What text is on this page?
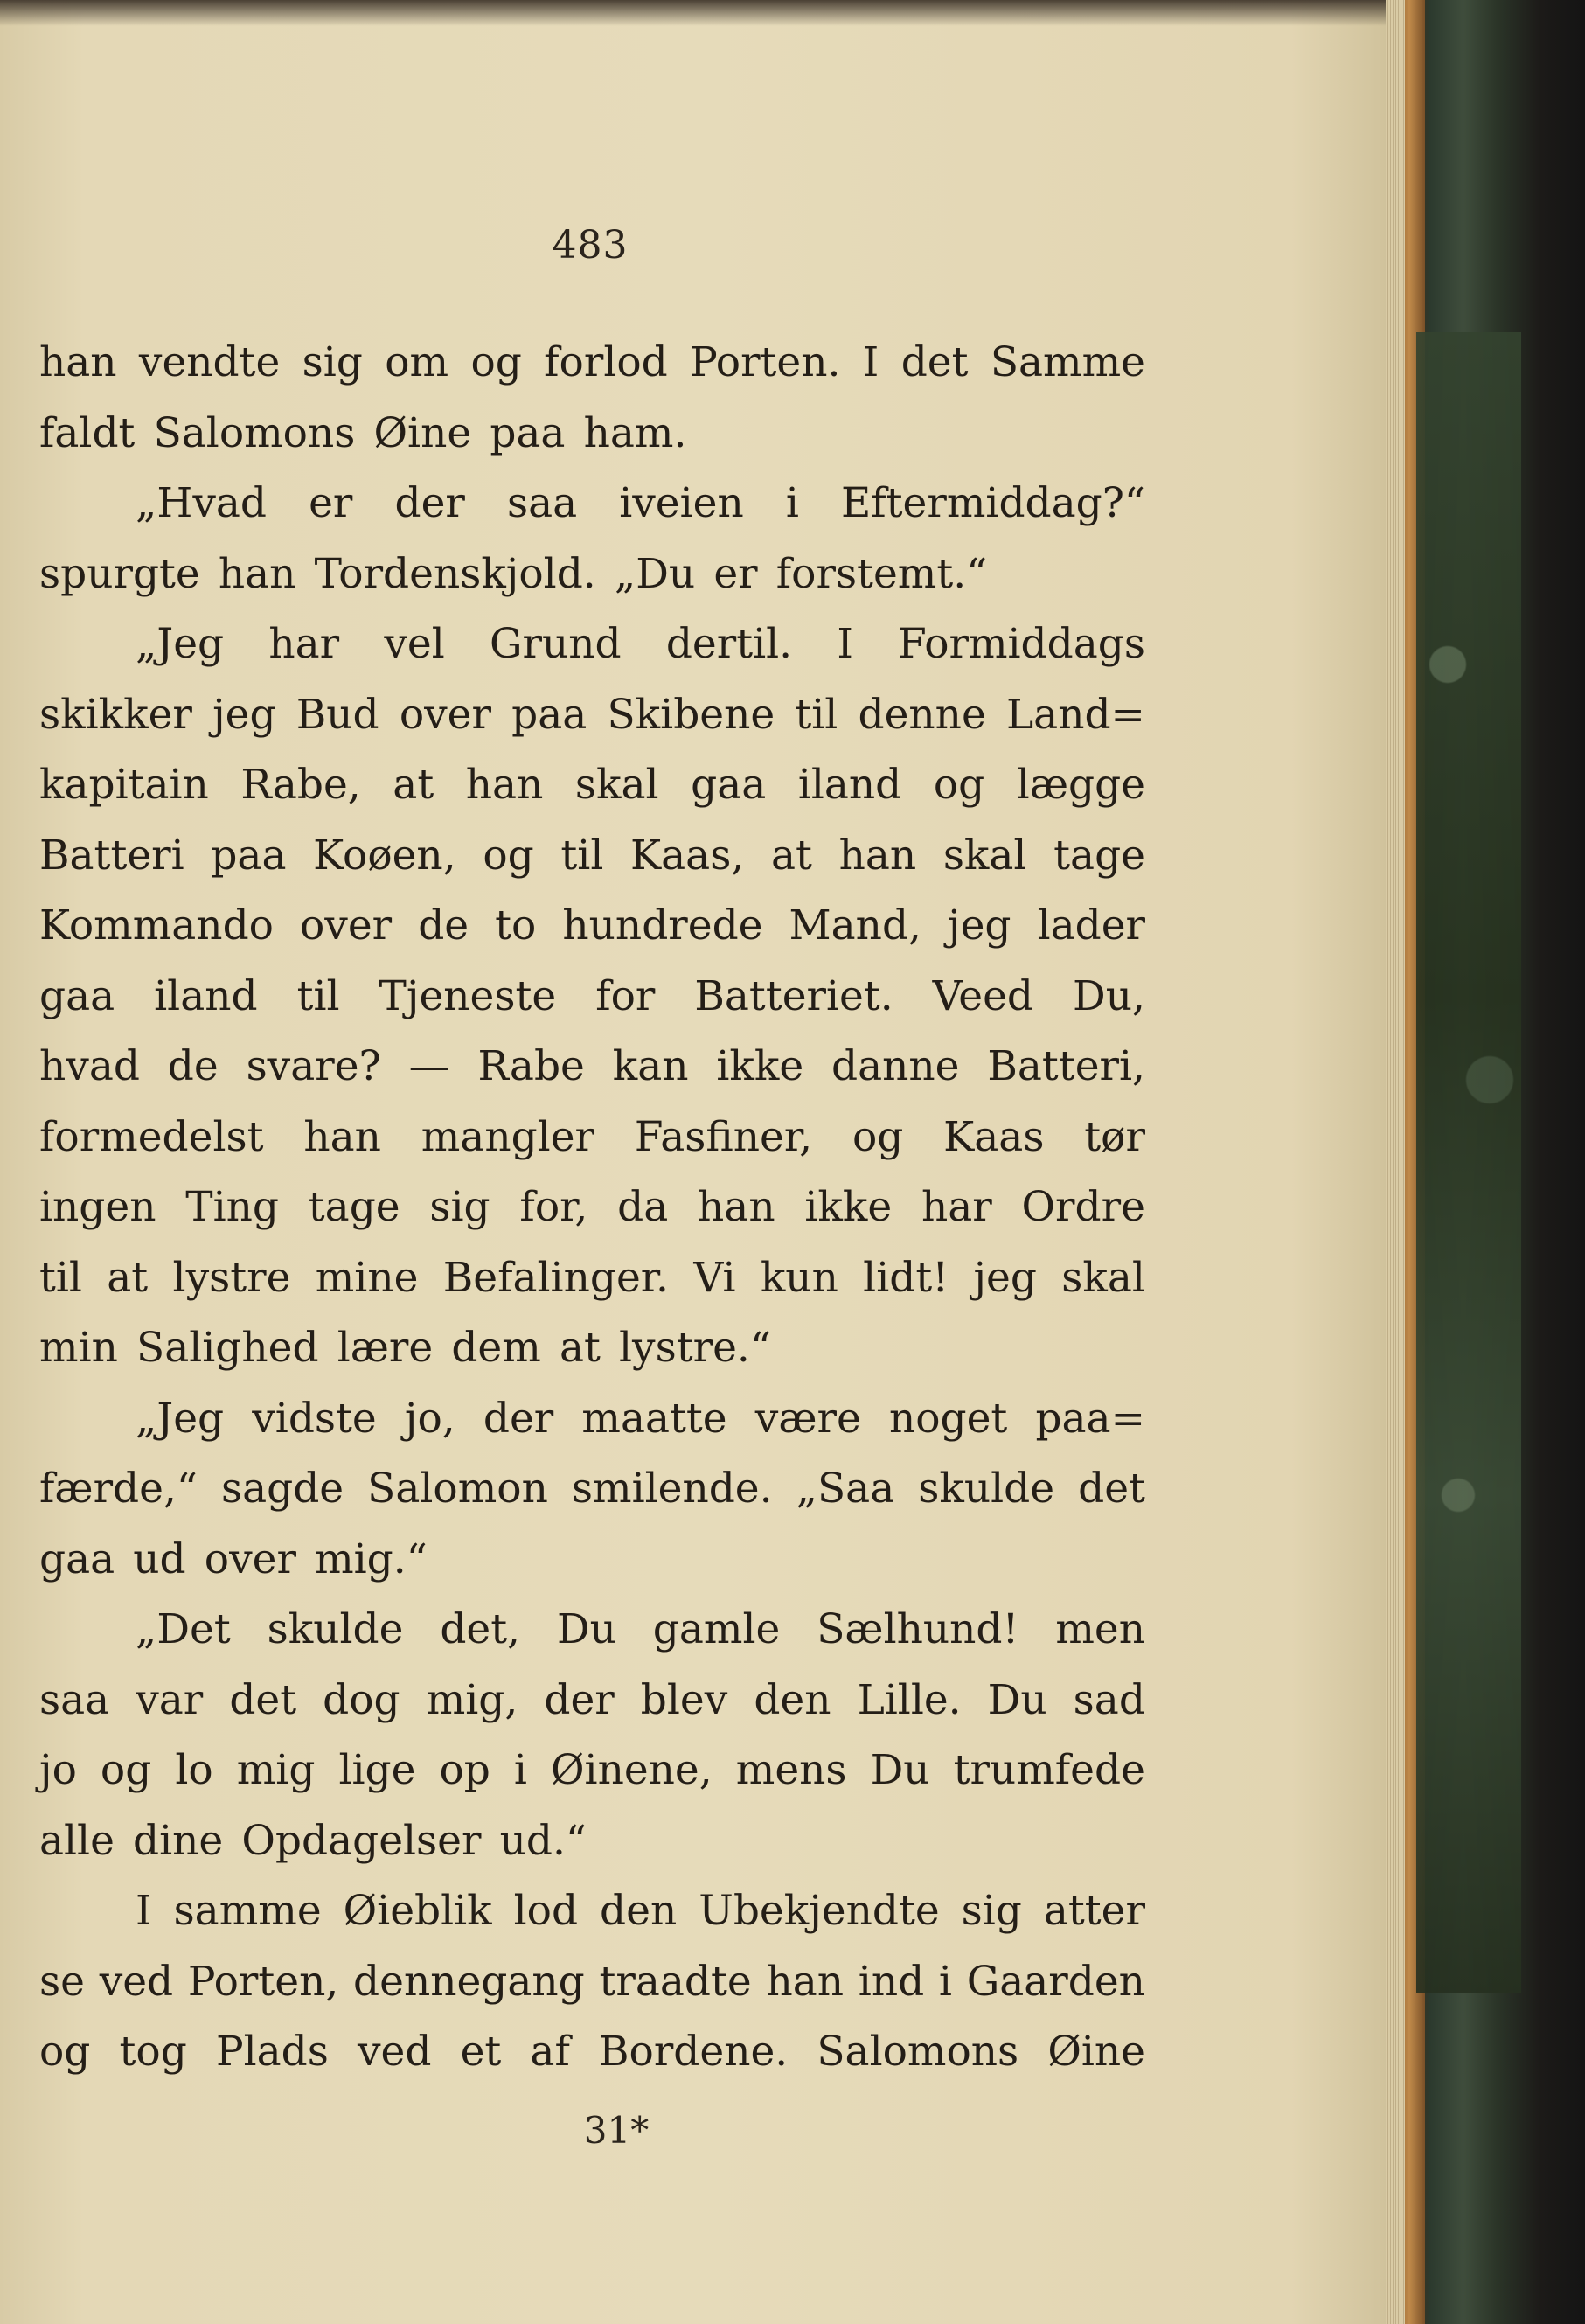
483
han vendte sig om og forlod Porten. I det Samme
faldt Salomons Øine paa ham.
„Hvad er der saa iveien i Eftermiddag?“
spurgte han Tordenskjold. „Du er forstemt.“
„Jeg har vel Grund dertil. I Formiddags
skikker jeg Bud over paa Skibene til denne Land=
kapitain Rabe, at han skal gaa iland og lægge
Batteri paa Koøen, og til Kaas, at han skal tage
Kommando over de to hundrede Mand, jeg lader
gaa iland til Tjeneste for Batteriet. Veed Du,
hvad de svare? — Rabe kan ikke danne Batteri,
formedelst han mangler Fasfiner, og Kaas tør
ingen Ting tage sig for, da han ikke har Ordre
til at lystre mine Befalinger. Vi kun lidt! jeg skal
min Salighed lære dem at lystre.“
„Jeg vidste jo, der maatte være noget paa=
færde,“ sagde Salomon smilende. „Saa skulde det
gaa ud over mig.“
„Det skulde det, Du gamle Sælhund! men
saa var det dog mig, der blev den Lille. Du sad
jo og lo mig lige op i Øinene, mens Du trumfede
alle dine Opdagelser ud.“
I samme Øieblik lod den Ubekjendte sig atter
se ved Porten, dennegang traadte han ind i Gaarden
og tog Plads ved et af Bordene. Salomons Øine
31*
